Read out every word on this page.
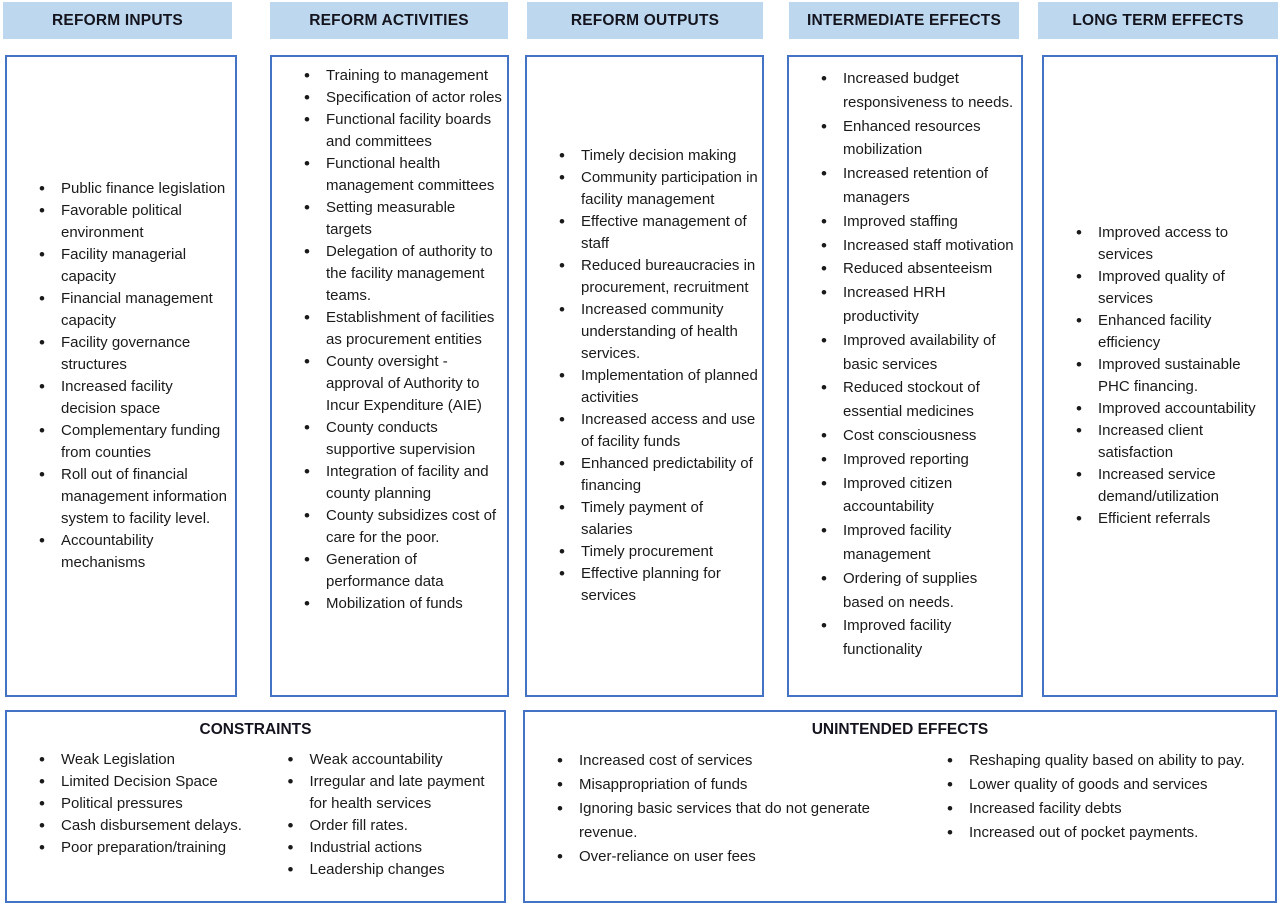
REFORM INPUTS	REFORM ACTIVITIES	REFORM OUTPUTS	INTERMEDIATE EFFECTS	LONG TERM EFFECTS
• Public finance legislation
• Favorable political environment
• Facility managerial capacity
• Financial management capacity
• Facility governance structures
• Increased facility decision space
• Complementary funding from counties
• Roll out of financial management information system to facility level.
• Accountability mechanisms
• Training to management
• Specification of actor roles
• Functional facility boards and committees
• Functional health management committees
• Setting measurable targets
• Delegation of authority to the facility management teams.
• Establishment of facilities as procurement entities
• County oversight - approval of Authority to Incur Expenditure (AIE)
• County conducts supportive supervision
• Integration of facility and county planning
• County subsidizes cost of care for the poor.
• Generation of performance data
• Mobilization of funds
• Timely decision making
• Community participation in facility management
• Effective management of staff
• Reduced bureaucracies in procurement, recruitment
• Increased community understanding of health services.
• Implementation of planned activities
• Increased access and use of facility funds
• Enhanced predictability of financing
• Timely payment of salaries
• Timely procurement
• Effective planning for services
• Increased budget responsiveness to needs.
• Enhanced resources mobilization
• Increased retention of managers
• Improved staffing
• Increased staff motivation
• Reduced absenteeism
• Increased HRH productivity
• Improved availability of basic services
• Reduced stockout of essential medicines
• Cost consciousness
• Improved reporting
• Improved citizen accountability
• Improved facility management
• Ordering of supplies based on needs.
• Improved facility functionality
• Improved access to services
• Improved quality of services
• Enhanced facility efficiency
• Improved sustainable PHC financing.
• Improved accountability
• Increased client satisfaction
• Increased service demand/utilization
• Efficient referrals
CONSTRAINTS
• Weak Legislation
• Limited Decision Space
• Political pressures
• Cash disbursement delays.
• Poor preparation/training
• Weak accountability
• Irregular and late payment for health services
• Order fill rates.
• Industrial actions
• Leadership changes
UNINTENDED EFFECTS
• Increased cost of services
• Misappropriation of funds
• Ignoring basic services that do not generate revenue.
• Over-reliance on user fees
• Reshaping quality based on ability to pay.
• Lower quality of goods and services
• Increased facility debts
• Increased out of pocket payments.
